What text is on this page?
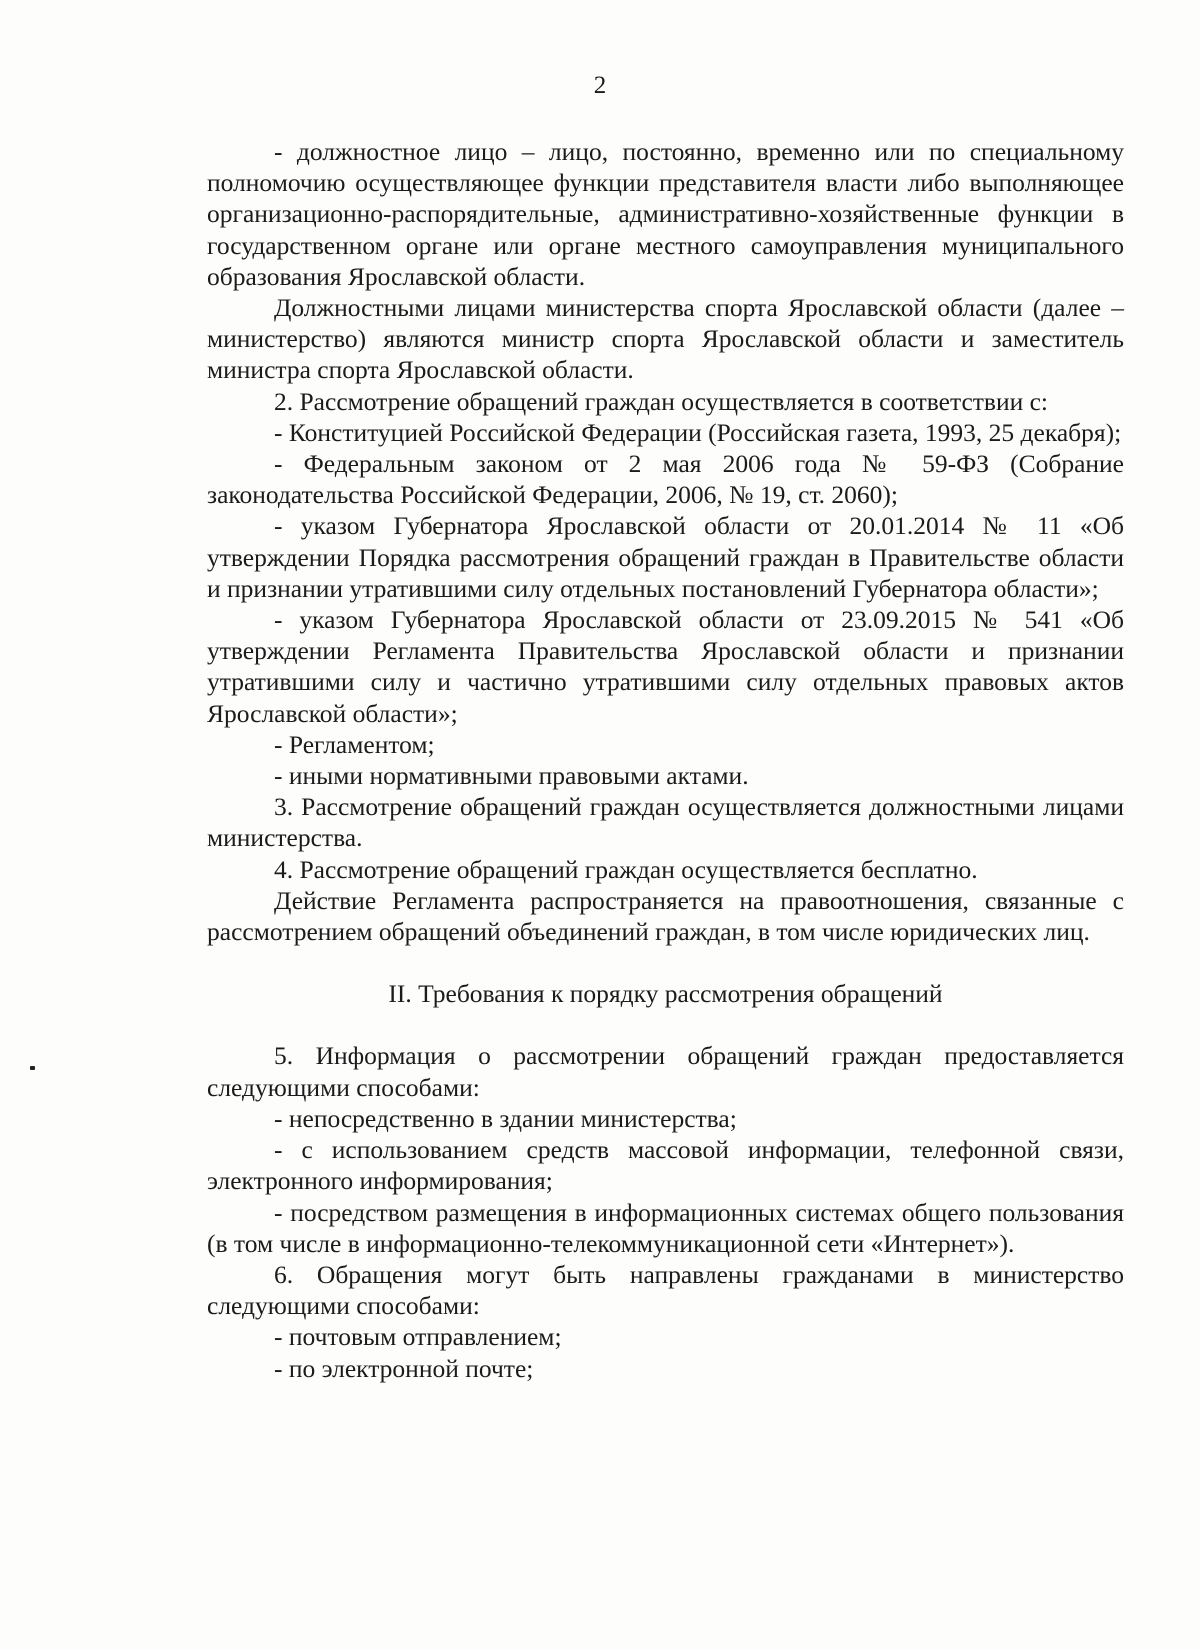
2

- должностное лицо – лицо, постоянно, временно или по специальному полномочию осуществляющее функции представителя власти либо выполняющее организационно-распорядительные, административно-хозяйственные функции в государственном органе или органе местного самоуправления муниципального образования Ярославской области.

Должностными лицами министерства спорта Ярославской области (далее – министерство) являются министр спорта Ярославской области и заместитель министра спорта Ярославской области.

2. Рассмотрение обращений граждан осуществляется в соответствии с:

- Конституцией Российской Федерации (Российская газета, 1993, 25 декабря);

- Федеральным законом от 2 мая 2006 года № 59-ФЗ (Собрание законодательства Российской Федерации, 2006, № 19, ст. 2060);

- указом Губернатора Ярославской области от 20.01.2014 № 11 «Об утверждении Порядка рассмотрения обращений граждан в Правительстве области и признании утратившими силу отдельных постановлений Губернатора области»;

- указом Губернатора Ярославской области от 23.09.2015 № 541 «Об утверждении Регламента Правительства Ярославской области и признании утратившими силу и частично утратившими силу отдельных правовых актов Ярославской области»;

- Регламентом;

- иными нормативными правовыми актами.

3. Рассмотрение обращений граждан осуществляется должностными лицами министерства.

4. Рассмотрение обращений граждан осуществляется бесплатно.

Действие Регламента распространяется на правоотношения, связанные с рассмотрением обращений объединений граждан, в том числе юридических лиц.

II. Требования к порядку рассмотрения обращений

5. Информация о рассмотрении обращений граждан предоставляется следующими способами:

- непосредственно в здании министерства;

- с использованием средств массовой информации, телефонной связи, электронного информирования;

- посредством размещения в информационных системах общего пользования (в том числе в информационно-телекоммуникационной сети «Интернет»).

6. Обращения могут быть направлены гражданами в министерство следующими способами:

- почтовым отправлением;

- по электронной почте;
